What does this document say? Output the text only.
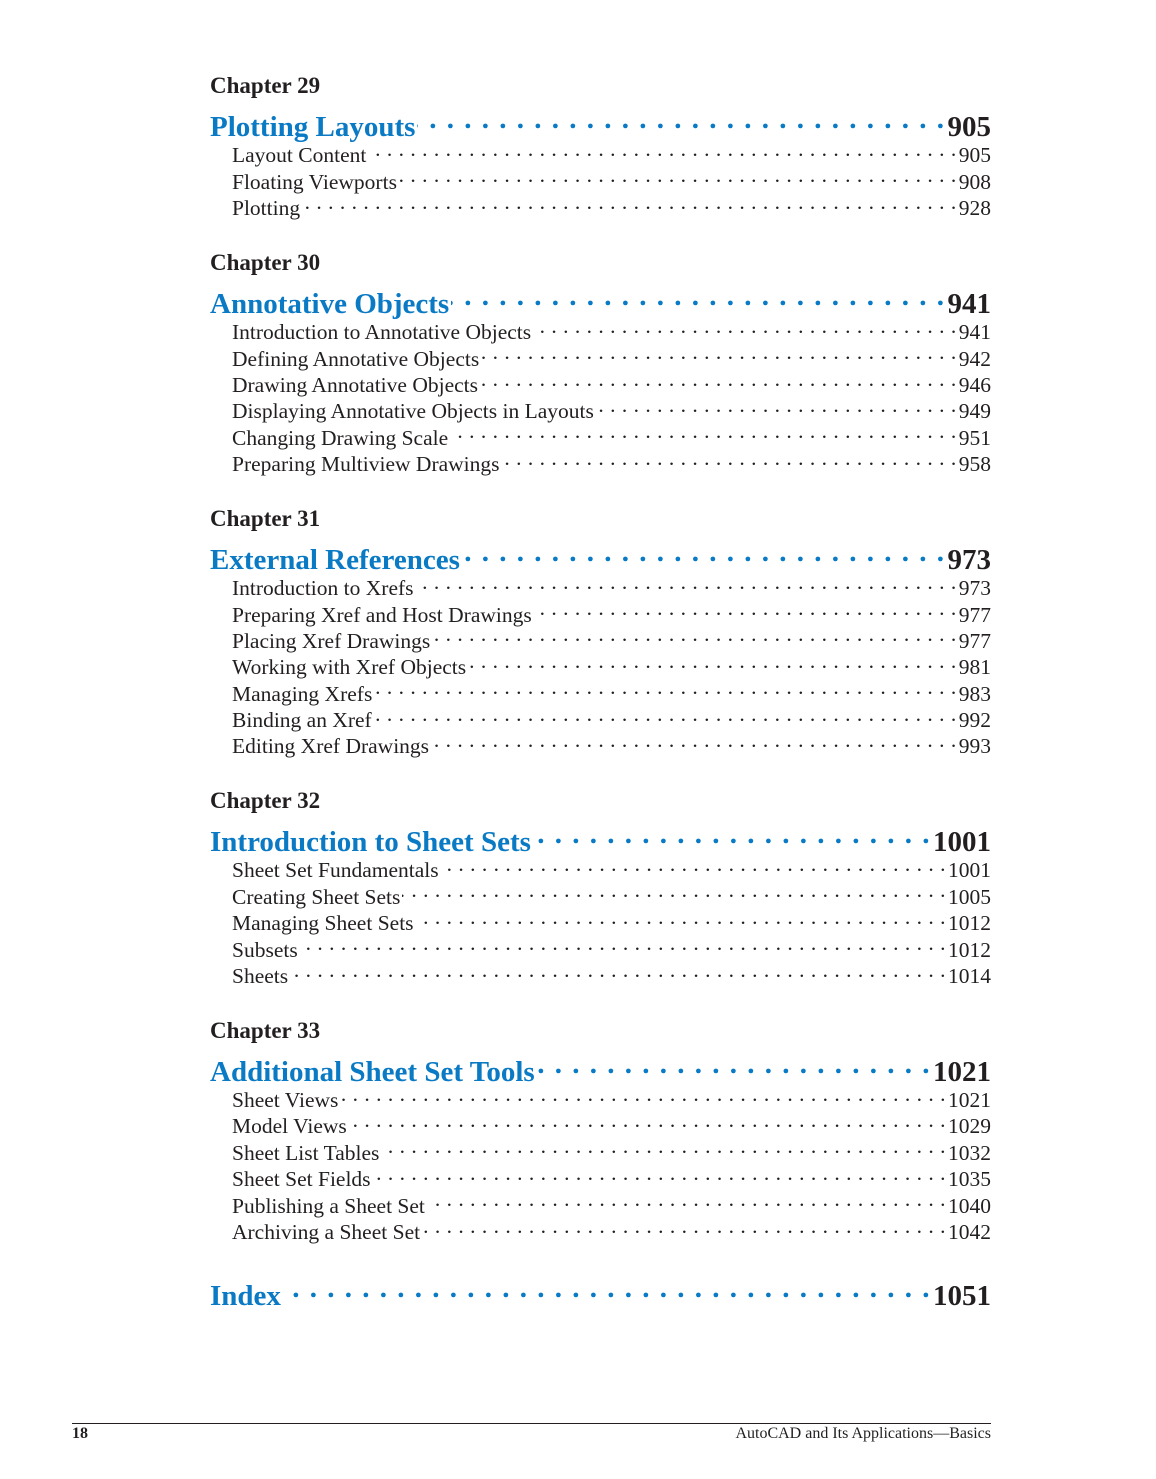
Chapter 29
Plotting Layouts . . .	905
Layout Content . . .	905
Floating Viewports . . .	908
Plotting . . .	928
Chapter 30
Annotative Objects . . .	941
Introduction to Annotative Objects . . .	941
Defining Annotative Objects . . .	942
Drawing Annotative Objects . . .	946
Displaying Annotative Objects in Layouts . . .	949
Changing Drawing Scale . . .	951
Preparing Multiview Drawings . . .	958
Chapter 31
External References . . .	973
Introduction to Xrefs . . .	973
Preparing Xref and Host Drawings . . .	977
Placing Xref Drawings . . .	977
Working with Xref Objects . . .	981
Managing Xrefs . . .	983
Binding an Xref . . .	992
Editing Xref Drawings . . .	993
Chapter 32
Introduction to Sheet Sets . . .	1001
Sheet Set Fundamentals . . .	1001
Creating Sheet Sets . . .	1005
Managing Sheet Sets . . .	1012
Subsets . . .	1012
Sheets . . .	1014
Chapter 33
Additional Sheet Set Tools . . .	1021
Sheet Views . . .	1021
Model Views . . .	1029
Sheet List Tables . . .	1032
Sheet Set Fields . . .	1035
Publishing a Sheet Set . . .	1040
Archiving a Sheet Set . . .	1042
Index . . .	1051
18	AutoCAD and Its Applications—Basics
